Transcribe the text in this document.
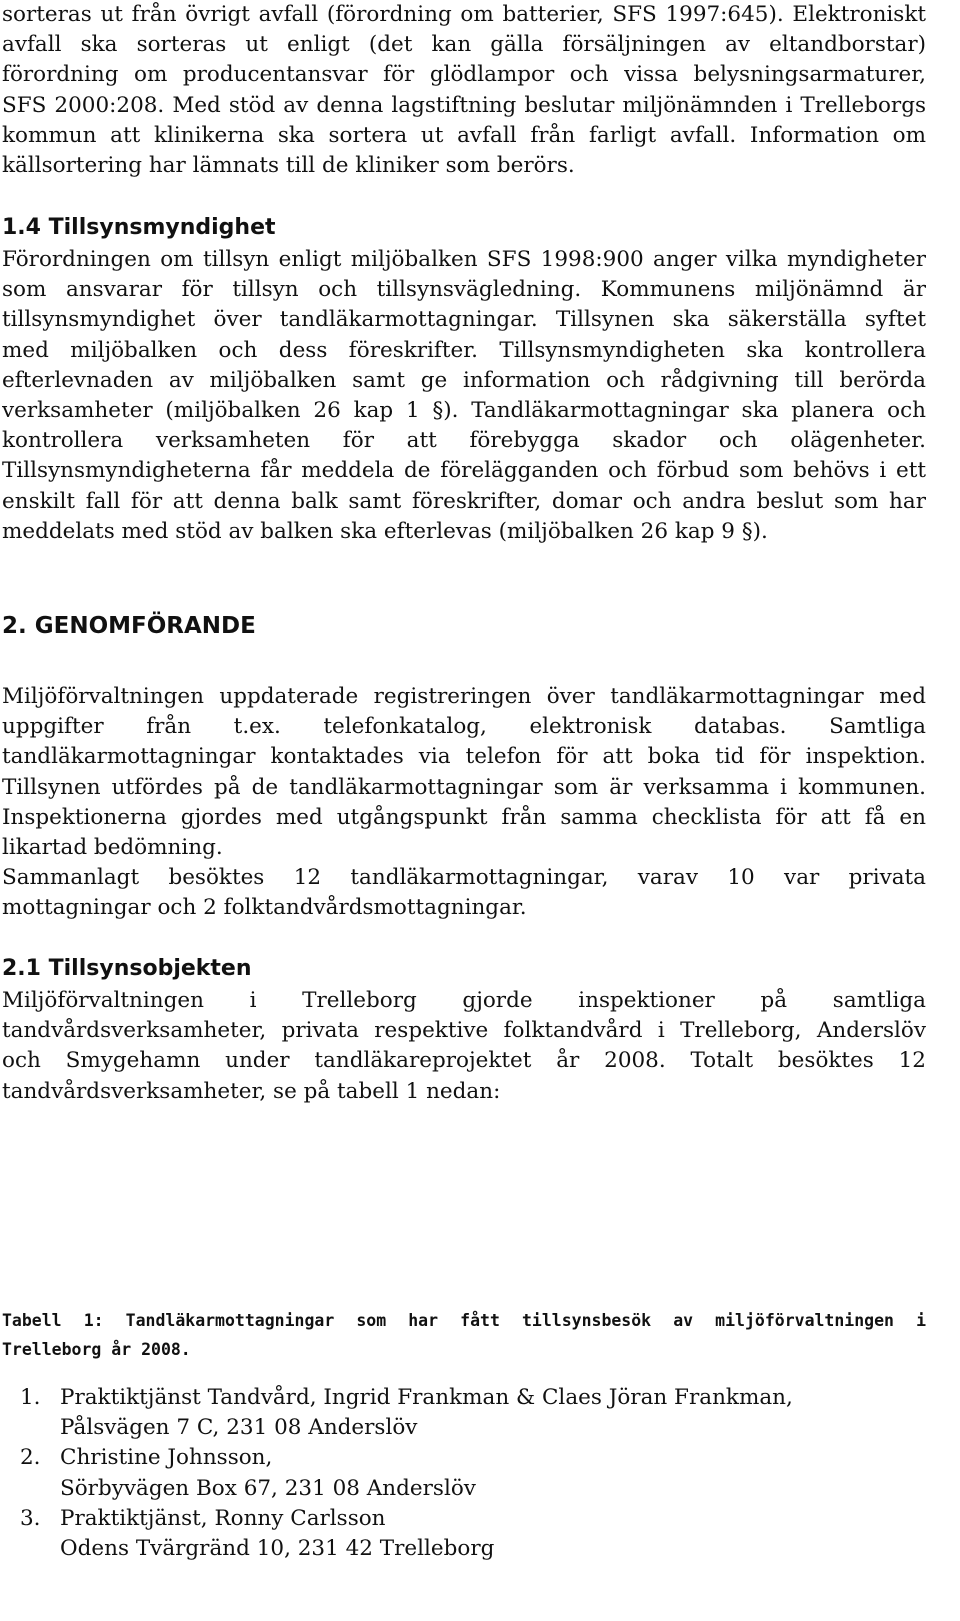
sorteras ut från övrigt avfall (förordning om batterier, SFS 1997:645). Elektroniskt
avfall ska sorteras ut enligt (det kan gälla försäljningen av eltandborstar)
förordning om producentansvar för glödlampor och vissa belysningsarmaturer,
SFS 2000:208. Med stöd av denna lagstiftning beslutar miljönämnden i Trelleborgs
kommun att klinikerna ska sortera ut avfall från farligt avfall. Information om
källsortering har lämnats till de kliniker som berörs.

1.4 Tillsynsmyndighet

Förordningen om tillsyn enligt miljöbalken SFS 1998:900 anger vilka myndigheter
som ansvarar för tillsyn och tillsynsvägledning. Kommunens miljönämnd är
tillsynsmyndighet över tandläkarmottagningar. Tillsynen ska säkerställa syftet
med miljöbalken och dess föreskrifter. Tillsynsmyndigheten ska kontrollera
efterlevnaden av miljöbalken samt ge information och rådgivning till berörda
verksamheter (miljöbalken 26 kap 1 §). Tandläkarmottagningar ska planera och
kontrollera verksamheten för att förebygga skador och olägenheter.
Tillsynsmyndigheterna får meddela de förelägganden och förbud som behövs i ett
enskilt fall för att denna balk samt föreskrifter, domar och andra beslut som har
meddelats med stöd av balken ska efterlevas (miljöbalken 26 kap 9 §).

2. GENOMFÖRANDE

Miljöförvaltningen uppdaterade registreringen över tandläkarmottagningar med
uppgifter från t.ex. telefonkatalog, elektronisk databas. Samtliga
tandläkarmottagningar kontaktades via telefon för att boka tid för inspektion.
Tillsynen utfördes på de tandläkarmottagningar som är verksamma i kommunen.
Inspektionerna gjordes med utgångspunkt från samma checklista för att få en
likartad bedömning.

Sammanlagt besöktes 12 tandläkarmottagningar, varav 10 var privata
mottagningar och 2 folktandvårdsmottagningar.

2.1 Tillsynsobjekten

Miljöförvaltningen i Trelleborg gjorde inspektioner på samtliga
tandvårdsverksamheter, privata respektive folktandvård i Trelleborg, Anderslöv
och Smygehamn under tandläkareprojektet år 2008. Totalt besöktes 12
tandvårdsverksamheter, se på tabell 1 nedan:

Tabell 1: Tandläkarmottagningar som har fått tillsynsbesök av miljöförvaltningen i
Trelleborg år 2008.

1. Praktiktjänst Tandvård, Ingrid Frankman & Claes Jöran Frankman,
Pålsvägen 7 C, 231 08 Anderslöv
2. Christine Johnsson,
Sörbyvägen Box 67, 231 08 Anderslöv
3. Praktiktjänst, Ronny Carlsson
Odens Tvärgränd 10, 231 42 Trelleborg
